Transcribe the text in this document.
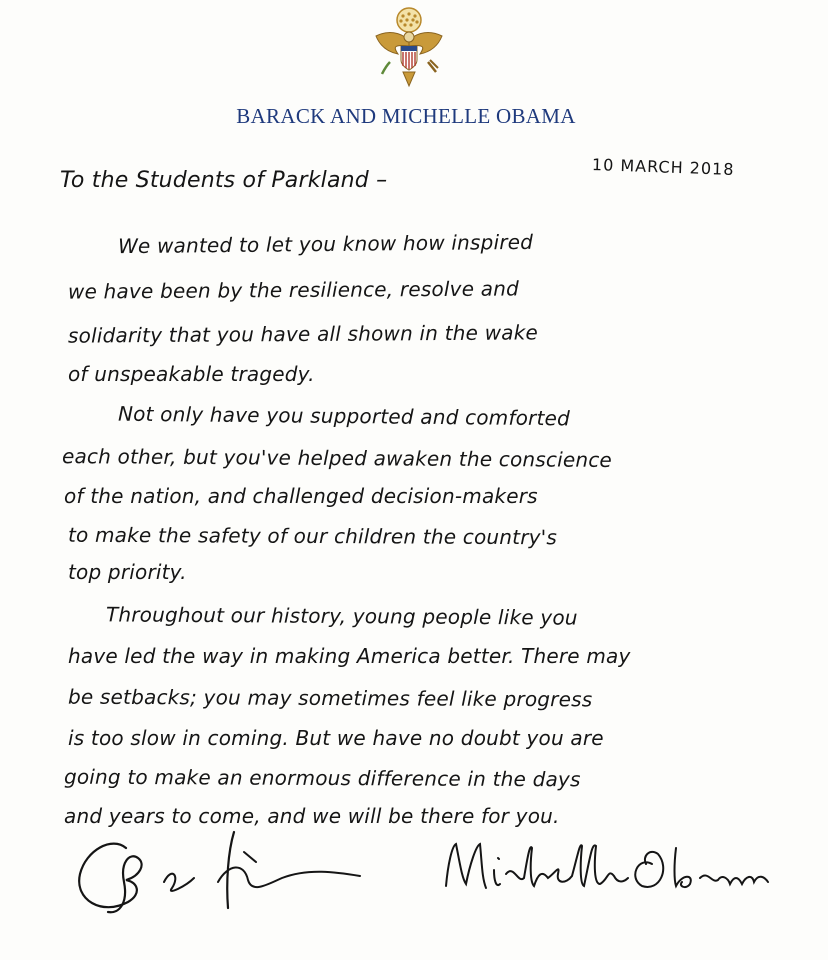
BARACK AND MICHELLE OBAMA
10 MARCH 2018
To the Students of Parkland –
We wanted to let you know how inspired
we have been by the resilience, resolve and
solidarity that you have all shown in the wake
of unspeakable tragedy.
Not only have you supported and comforted
each other, but you've helped awaken the conscience
of the nation, and challenged decision-makers
to make the safety of our children the country's
top priority.
Throughout our history, young people like you
have led the way in making America better. There may
be setbacks; you may sometimes feel like progress
is too slow in coming. But we have no doubt you are
going to make an enormous difference in the days
and years to come, and we will be there for you.
